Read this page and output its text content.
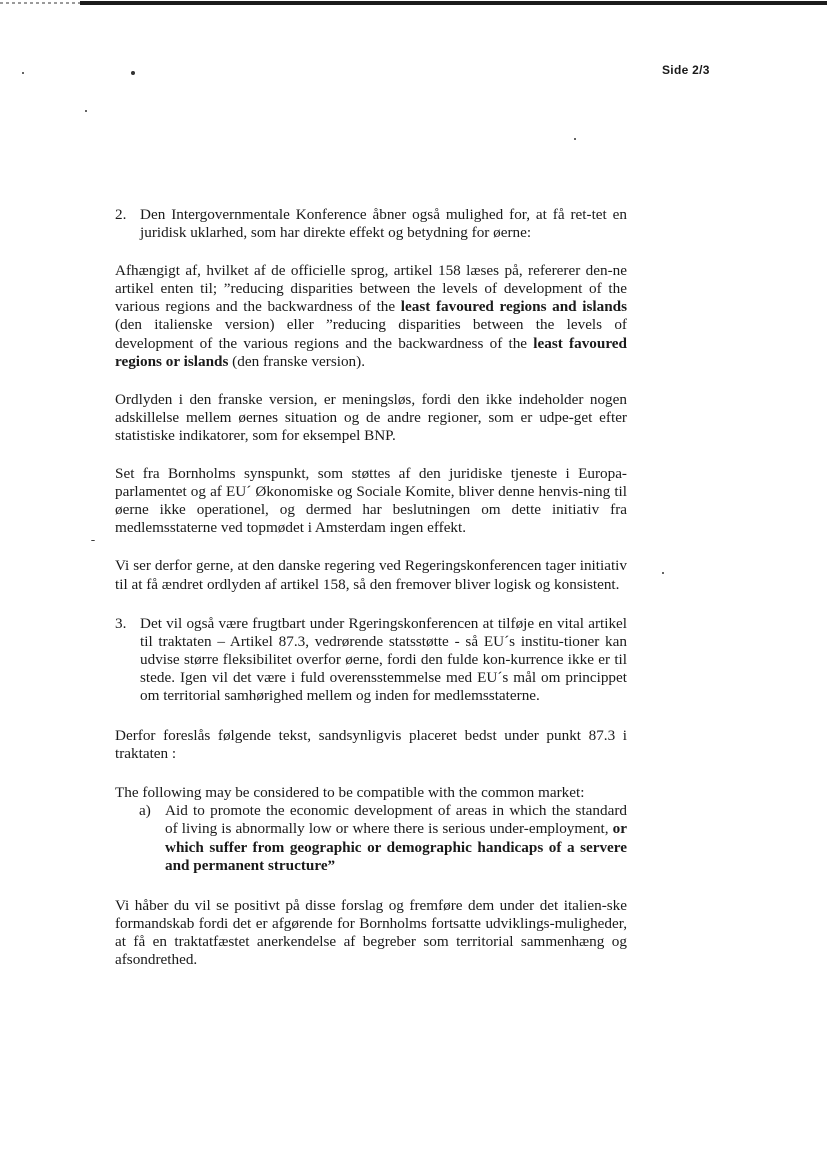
Side 2/3
2. Den Intergovernmentale Konference åbner også mulighed for, at få ret-tet en juridisk uklarhed, som har direkte effekt og betydning for øerne:

Afhængigt af, hvilket af de officielle sprog, artikel 158 læses på, refererer den-ne artikel enten til; ”reducing disparities between the levels of development of the various regions and the backwardness of the least favoured regions and islands (den italienske version) eller ”reducing disparities between the levels of development of the various regions and the backwardness of the least favoured regions or islands (den franske version).

Ordlyden i den franske version, er meningsløs, fordi den ikke indeholder nogen adskillelse mellem øernes situation og de andre regioner, som er udpe-get efter statistiske indikatorer, som for eksempel BNP.

Set fra Bornholms synspunkt, som støttes af den juridiske tjeneste i Europa-parlamentet og af EU´ Økonomiske og Sociale Komite, bliver denne henvis-ning til øerne ikke operationel, og dermed har beslutningen om dette initiativ fra medlemsstaterne ved topmødet i Amsterdam ingen effekt.

Vi ser derfor gerne, at den danske regering ved Regeringskonferencen tager initiativ til at få ændret ordlyden af artikel 158, så den fremover bliver logisk og konsistent.

3. Det vil også være frugtbart under Rgeringskonferencen at tilføje en vital artikel til traktaten – Artikel 87.3, vedrørende statsstøtte - så EU´s institu-tioner kan udvise større fleksibilitet overfor øerne, fordi den fulde kon-kurrence ikke er til stede. Igen vil det være i fuld overensstemmelse med EU´s mål om princippet om territorial samhørighed mellem og inden for medlemsstaterne.

Derfor foreslås følgende tekst, sandsynligvis placeret bedst under punkt 87.3 i traktaten :

The following may be considered to be compatible with the common market:

a) Aid to promote the economic development of areas in which the standard of living is abnormally low or where there is serious under-employment, or which suffer from geographic or demographic handicaps of a servere and permanent structure”

Vi håber du vil se positivt på disse forslag og fremføre dem under det italien-ske formandskab fordi det er afgørende for Bornholms fortsatte udviklings-muligheder, at få en traktatfæstet anerkendelse af begreber som territorial sammenhæng og afsondrethed.
